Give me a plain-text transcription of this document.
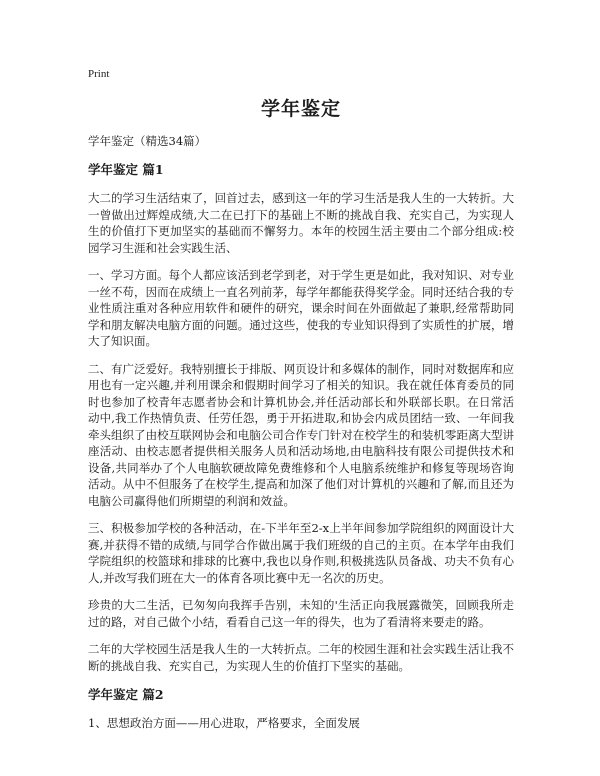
Print
学年鉴定
学年鉴定（精选34篇）
学年鉴定 篇1

大二的学习生活结束了，回首过去，感到这一年的学习生活是我人生的一大转折。大一曾做出过辉煌成绩,大二在已打下的基础上不断的挑战自我、充实自己，为实现人生的价值打下更加坚实的基础而不懈努力。本年的校园生活主要由二个部分组成:校园学习生涯和社会实践生活、

一、学习方面。每个人都应该活到老学到老，对于学生更是如此，我对知识、对专业一丝不苟，因而在成绩上一直名列前茅，每学年都能获得奖学金。同时还结合我的专业性质注重对各种应用软件和硬件的研究，课余时间在外面做起了兼职,经常帮助同学和朋友解决电脑方面的问题。通过这些，使我的专业知识得到了实质性的扩展，增大了知识面。

二、有广泛爱好。我特别擅长于排版、网页设计和多媒体的制作，同时对数据库和应用也有一定兴趣,并利用课余和假期时间学习了相关的知识。我在就任体育委员的同时也参加了校青年志愿者协会和计算机协会,并任活动部长和外联部长职。在日常活动中,我工作热情负责、任劳任怨，勇于开拓进取,和协会内成员团结一致、一年间我牵头组织了由校互联网协会和电脑公司合作专门针对在校学生的和装机零距离大型讲座活动、由校志愿者提供相关服务人员和活动场地,由电脑科技有限公司提供技术和设备,共同举办了个人电脑软硬故障免费维修和个人电脑系统维护和修复等现场咨询活动。从中不但服务了在校学生,提高和加深了他们对计算机的兴趣和了解,而且还为电脑公司赢得他们所期望的利润和效益。

三、积极参加学校的各种活动，在-下半年至2-x上半年间参加学院组织的网面设计大赛,并获得不错的成绩,与同学合作做出属于我们班级的自己的主页。在本学年由我们学院组织的校篮球和排球的比赛中,我也以身作则,积极挑选队员备战、功夫不负有心人,并改写我们班在大一的体育各项比赛中无一名次的历史。

珍贵的大二生活，已匆匆向我挥手告别，未知的'生活正向我展露微笑，回顾我所走过的路，对自己做个小结，看看自己这一年的得失，也为了看清将来要走的路。

二年的大学校园生活是我人生的一大转折点。二年的校园生涯和社会实践生活让我不断的挑战自我、充实自己，为实现人生的价值打下坚实的基础。

学年鉴定 篇2

1、思想政治方面——用心进取，严格要求，全面发展
